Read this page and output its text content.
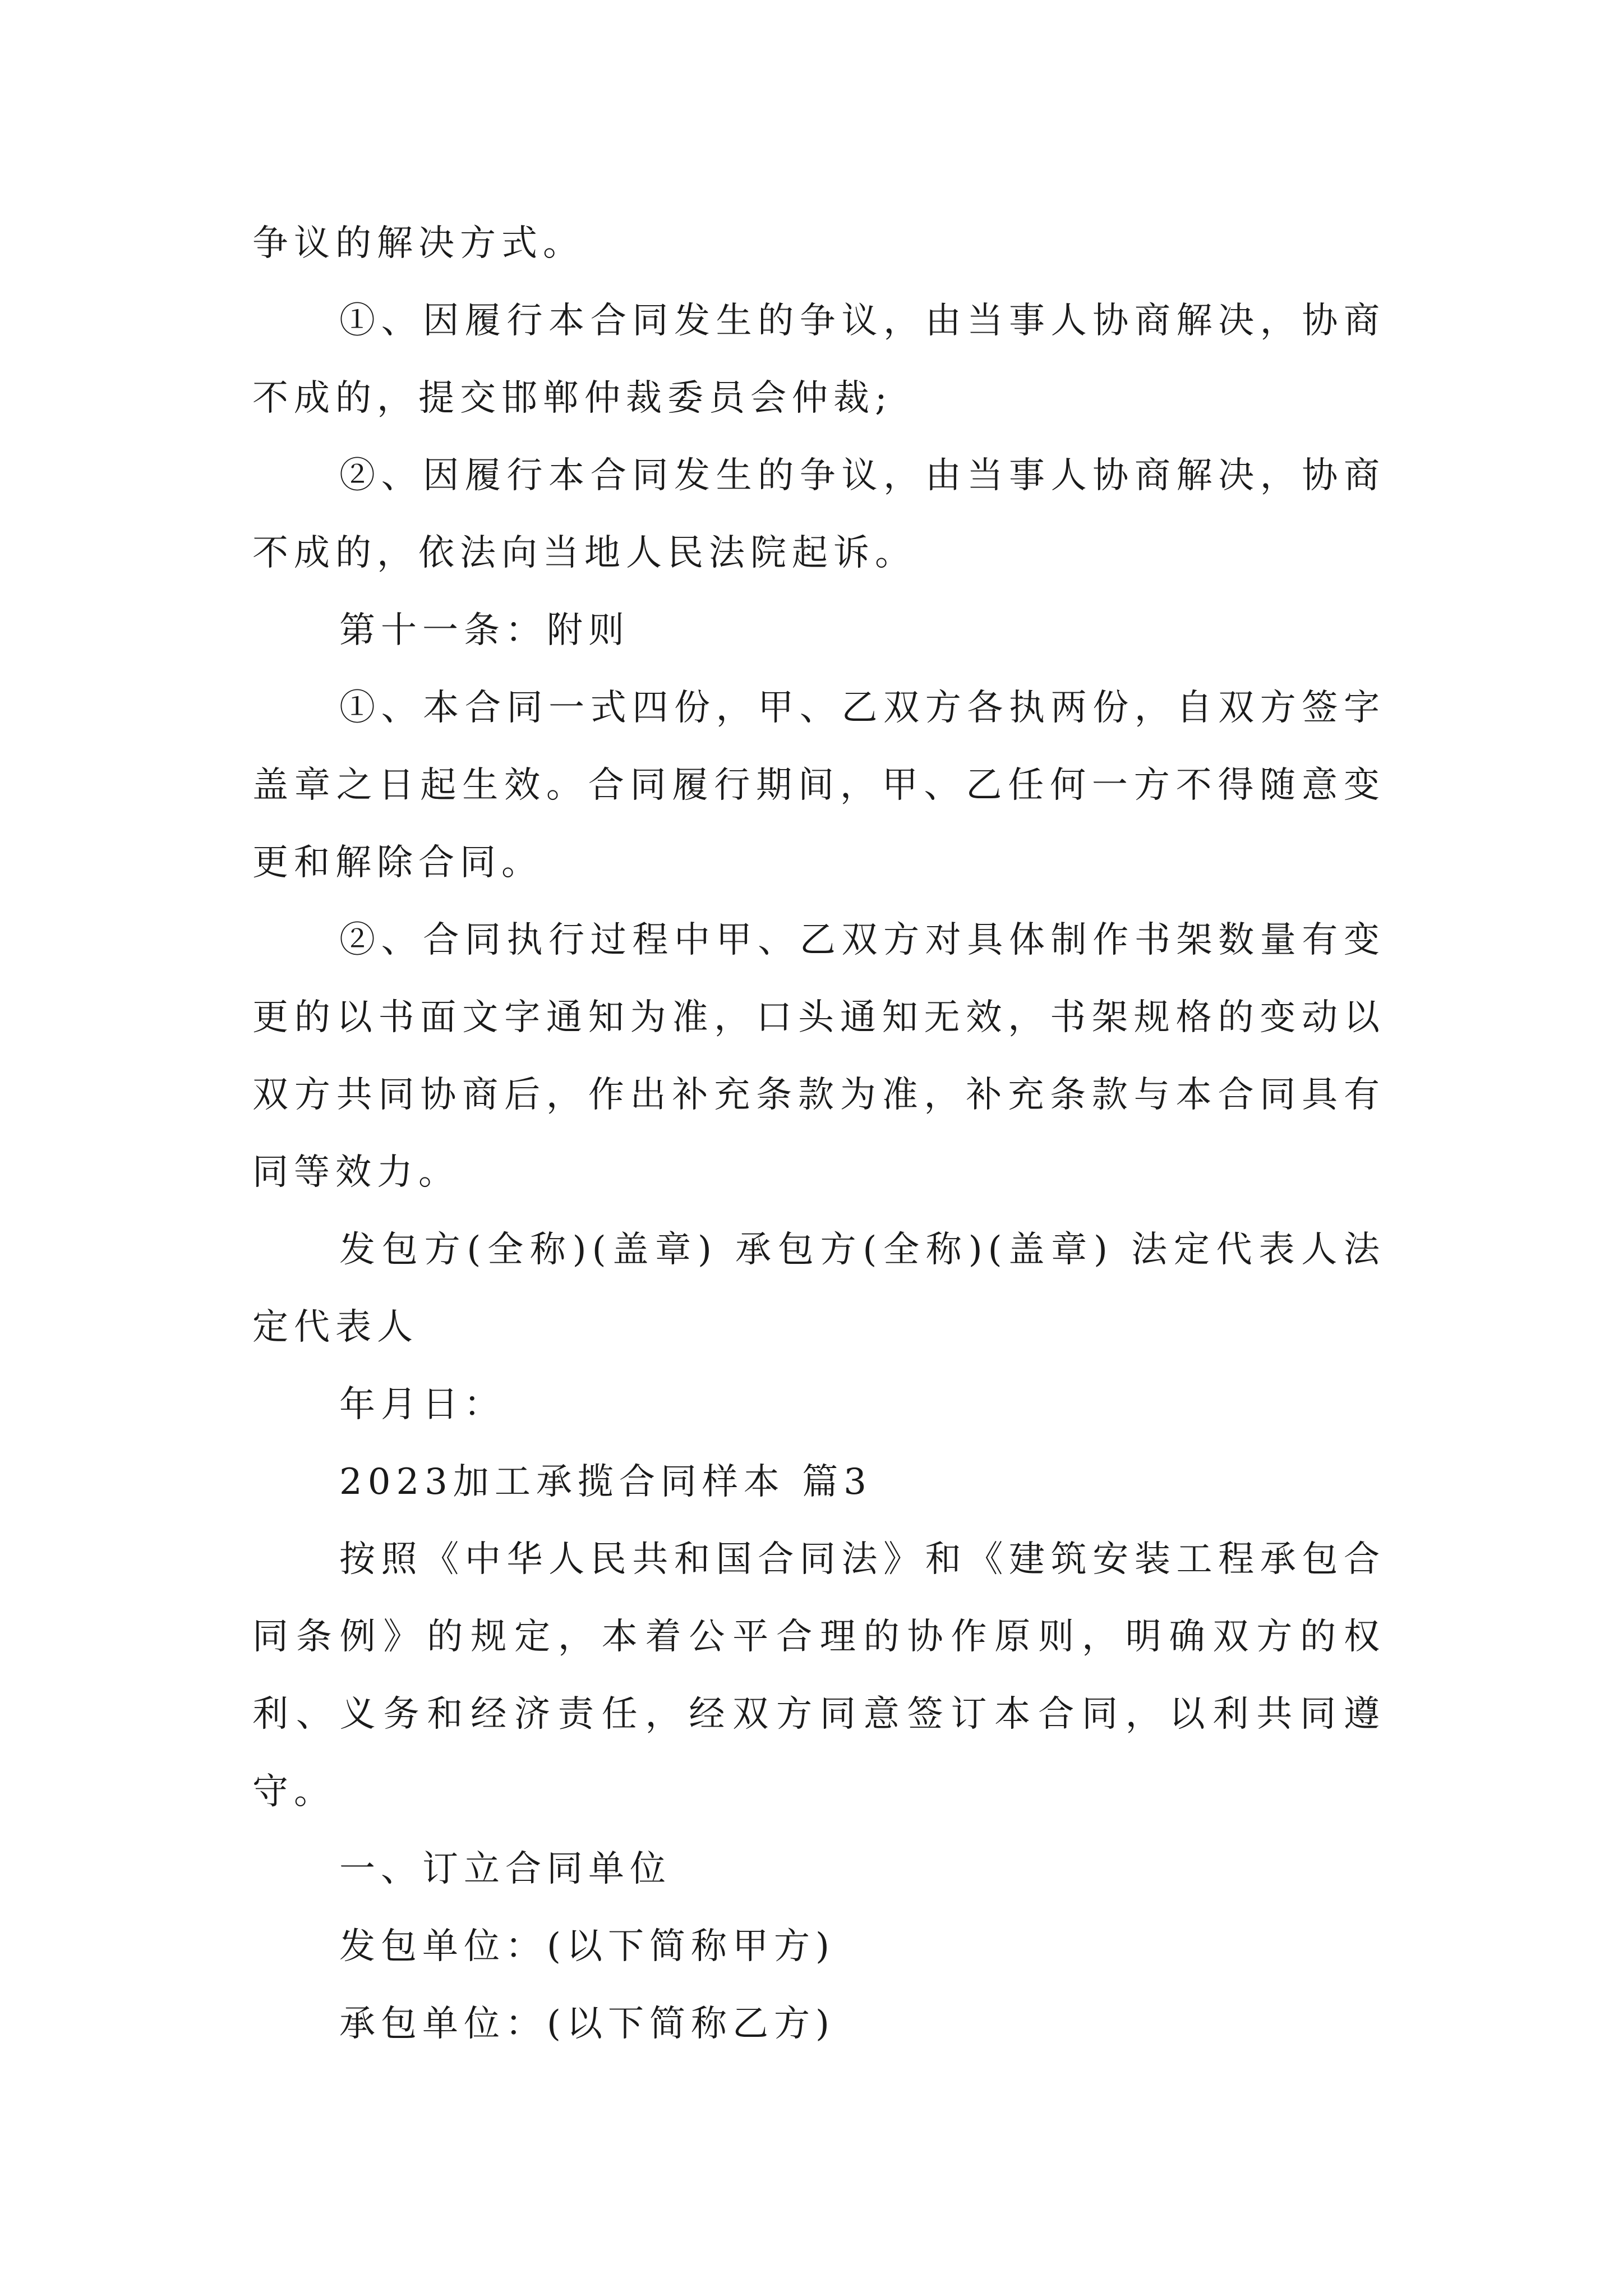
争议的解决方式。

①、因履行本合同发生的争议，由当事人协商解决，协商不成的，提交邯郸仲裁委员会仲裁;

②、因履行本合同发生的争议，由当事人协商解决，协商不成的，依法向当地人民法院起诉。

第十一条：附则

①、本合同一式四份，甲、乙双方各执两份，自双方签字盖章之日起生效。合同履行期间，甲、乙任何一方不得随意变更和解除合同。

②、合同执行过程中甲、乙双方对具体制作书架数量有变更的以书面文字通知为准，口头通知无效，书架规格的变动以双方共同协商后，作出补充条款为准，补充条款与本合同具有同等效力。

发包方(全称)(盖章) 承包方(全称)(盖章) 法定代表人法定代表人

年月日：

2023加工承揽合同样本 篇3

按照《中华人民共和国合同法》和《建筑安装工程承包合同条例》的规定，本着公平合理的协作原则，明确双方的权利、义务和经济责任，经双方同意签订本合同，以利共同遵守。

一、订立合同单位

发包单位：(以下简称甲方)

承包单位：(以下简称乙方)
